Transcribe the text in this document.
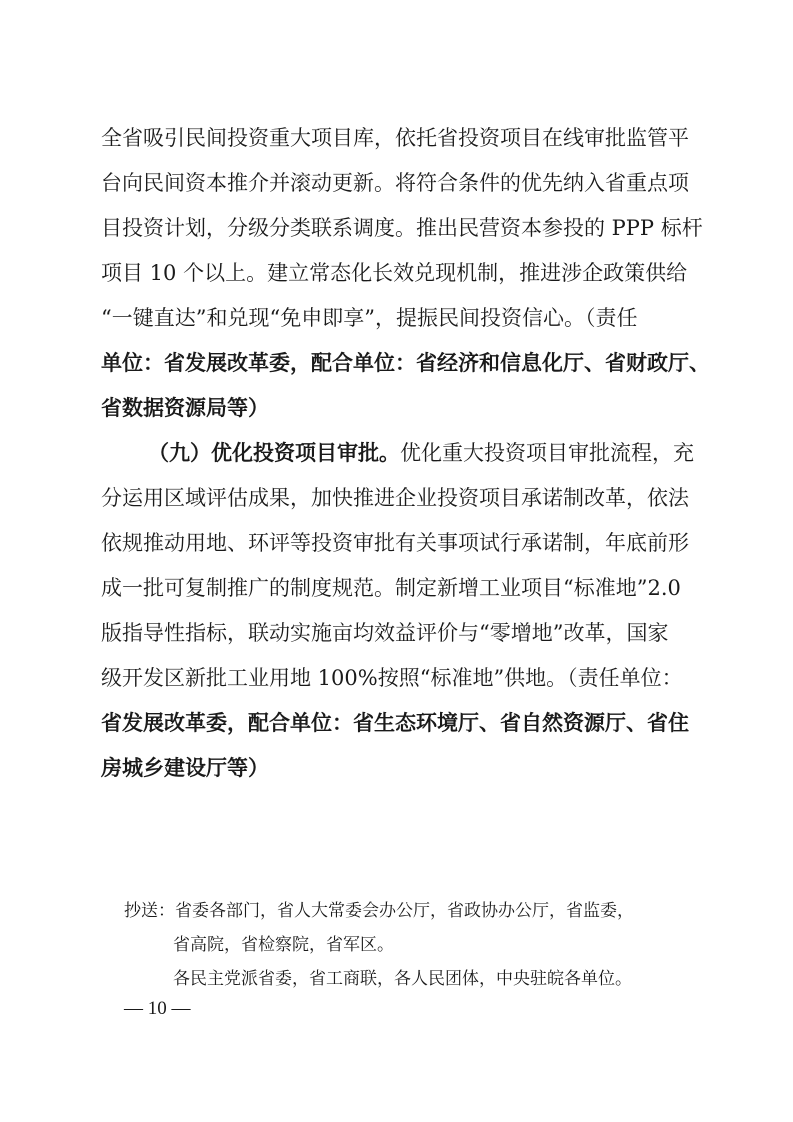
全省吸引民间投资重大项目库，依托省投资项目在线审批监管平
台向民间资本推介并滚动更新。将符合条件的优先纳入省重点项
目投资计划，分级分类联系调度。推出民营资本参投的 PPP 标杆
项目 10 个以上。建立常态化长效兑现机制，推进涉企政策供给
“一键直达”和兑现“免申即享”，提振民间投资信心。（责任
单位：省发展改革委，配合单位：省经济和信息化厅、省财政厅、
省数据资源局等）
（九）优化投资项目审批。优化重大投资项目审批流程，充
分运用区域评估成果，加快推进企业投资项目承诺制改革，依法
依规推动用地、环评等投资审批有关事项试行承诺制，年底前形
成一批可复制推广的制度规范。制定新增工业项目“标准地”2.0
版指导性指标，联动实施亩均效益评价与“零增地”改革，国家
级开发区新批工业用地 100%按照“标准地”供地。（责任单位：
省发展改革委，配合单位：省生态环境厅、省自然资源厅、省住
房城乡建设厅等）
抄送：省委各部门，省人大常委会办公厅，省政协办公厅，省监委，
省高院，省检察院，省军区。
各民主党派省委，省工商联，各人民团体，中央驻皖各单位。
— 10 —
